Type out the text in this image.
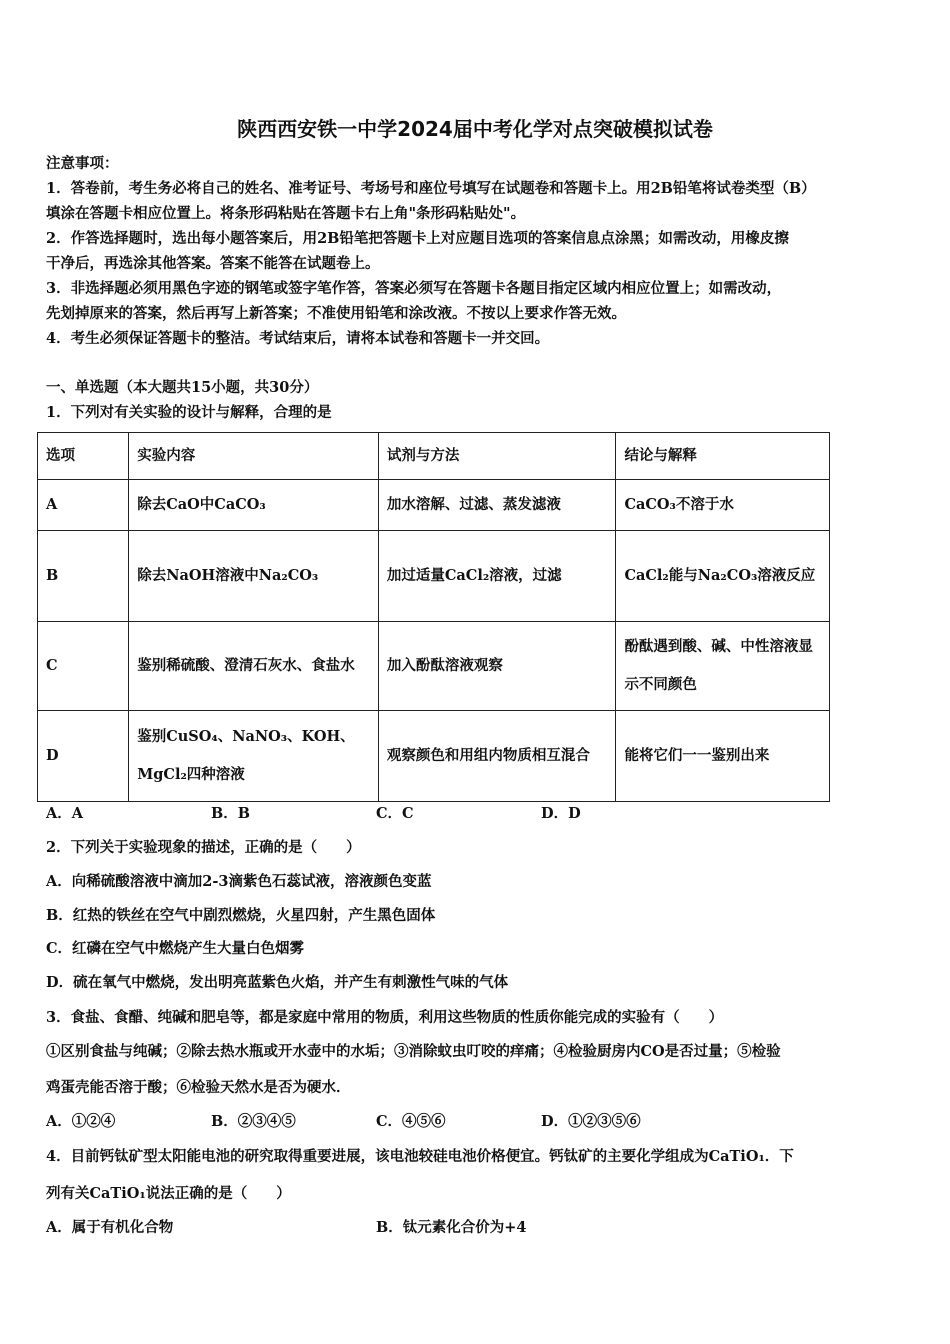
陕西西安铁一中学2024届中考化学对点突破模拟试卷
注意事项：
1．答卷前，考生务必将自己的姓名、准考证号、考场号和座位号填写在试题卷和答题卡上。用2B铅笔将试卷类型（B）
填涂在答题卡相应位置上。将条形码粘贴在答题卡右上角"条形码粘贴处"。
2．作答选择题时，选出每小题答案后，用2B铅笔把答题卡上对应题目选项的答案信息点涂黑；如需改动，用橡皮擦
干净后，再选涂其他答案。答案不能答在试题卷上。
3．非选择题必须用黑色字迹的钢笔或签字笔作答，答案必须写在答题卡各题目指定区域内相应位置上；如需改动，
先划掉原来的答案，然后再写上新答案；不准使用铅笔和涂改液。不按以上要求作答无效。
4．考生必须保证答题卡的整洁。考试结束后，请将本试卷和答题卡一并交回。
一、单选题（本大题共15小题，共30分）
1．下列对有关实验的设计与解释，合理的是
选项	实验内容	试剂与方法	结论与解释
A	除去CaO中CaCO₃	加水溶解、过滤、蒸发滤液	CaCO₃不溶于水
B	除去NaOH溶液中Na₂CO₃	加过适量CaCl₂溶液，过滤	CaCl₂能与Na₂CO₃溶液反应
C	鉴别稀硫酸、澄清石灰水、食盐水	加入酚酞溶液观察	酚酞遇到酸、碱、中性溶液显示不同颜色
D	鉴别CuSO₄、NaNO₃、KOH、MgCl₂四种溶液	观察颜色和用组内物质相互混合	能将它们一一鉴别出来
A．A	B．B	C．C	D．D
2．下列关于实验现象的描述，正确的是（　　）
A．向稀硫酸溶液中滴加2-3滴紫色石蕊试液，溶液颜色变蓝
B．红热的铁丝在空气中剧烈燃烧，火星四射，产生黑色固体
C．红磷在空气中燃烧产生大量白色烟雾
D．硫在氧气中燃烧，发出明亮蓝紫色火焰，并产生有刺激性气味的气体
3．食盐、食醋、纯碱和肥皂等，都是家庭中常用的物质，利用这些物质的性质你能完成的实验有（　　）
①区别食盐与纯碱；②除去热水瓶或开水壶中的水垢；③消除蚊虫叮咬的痒痛；④检验厨房内CO是否过量；⑤检验
鸡蛋壳能否溶于酸；⑥检验天然水是否为硬水．
A．①②④	B．②③④⑤	C．④⑤⑥	D．①②③⑤⑥
4．目前钙钛矿型太阳能电池的研究取得重要进展，该电池较硅电池价格便宜。钙钛矿的主要化学组成为CaTiO₁．下
列有关CaTiO₁说法正确的是（　　）
A．属于有机化合物	B．钛元素化合价为+4
